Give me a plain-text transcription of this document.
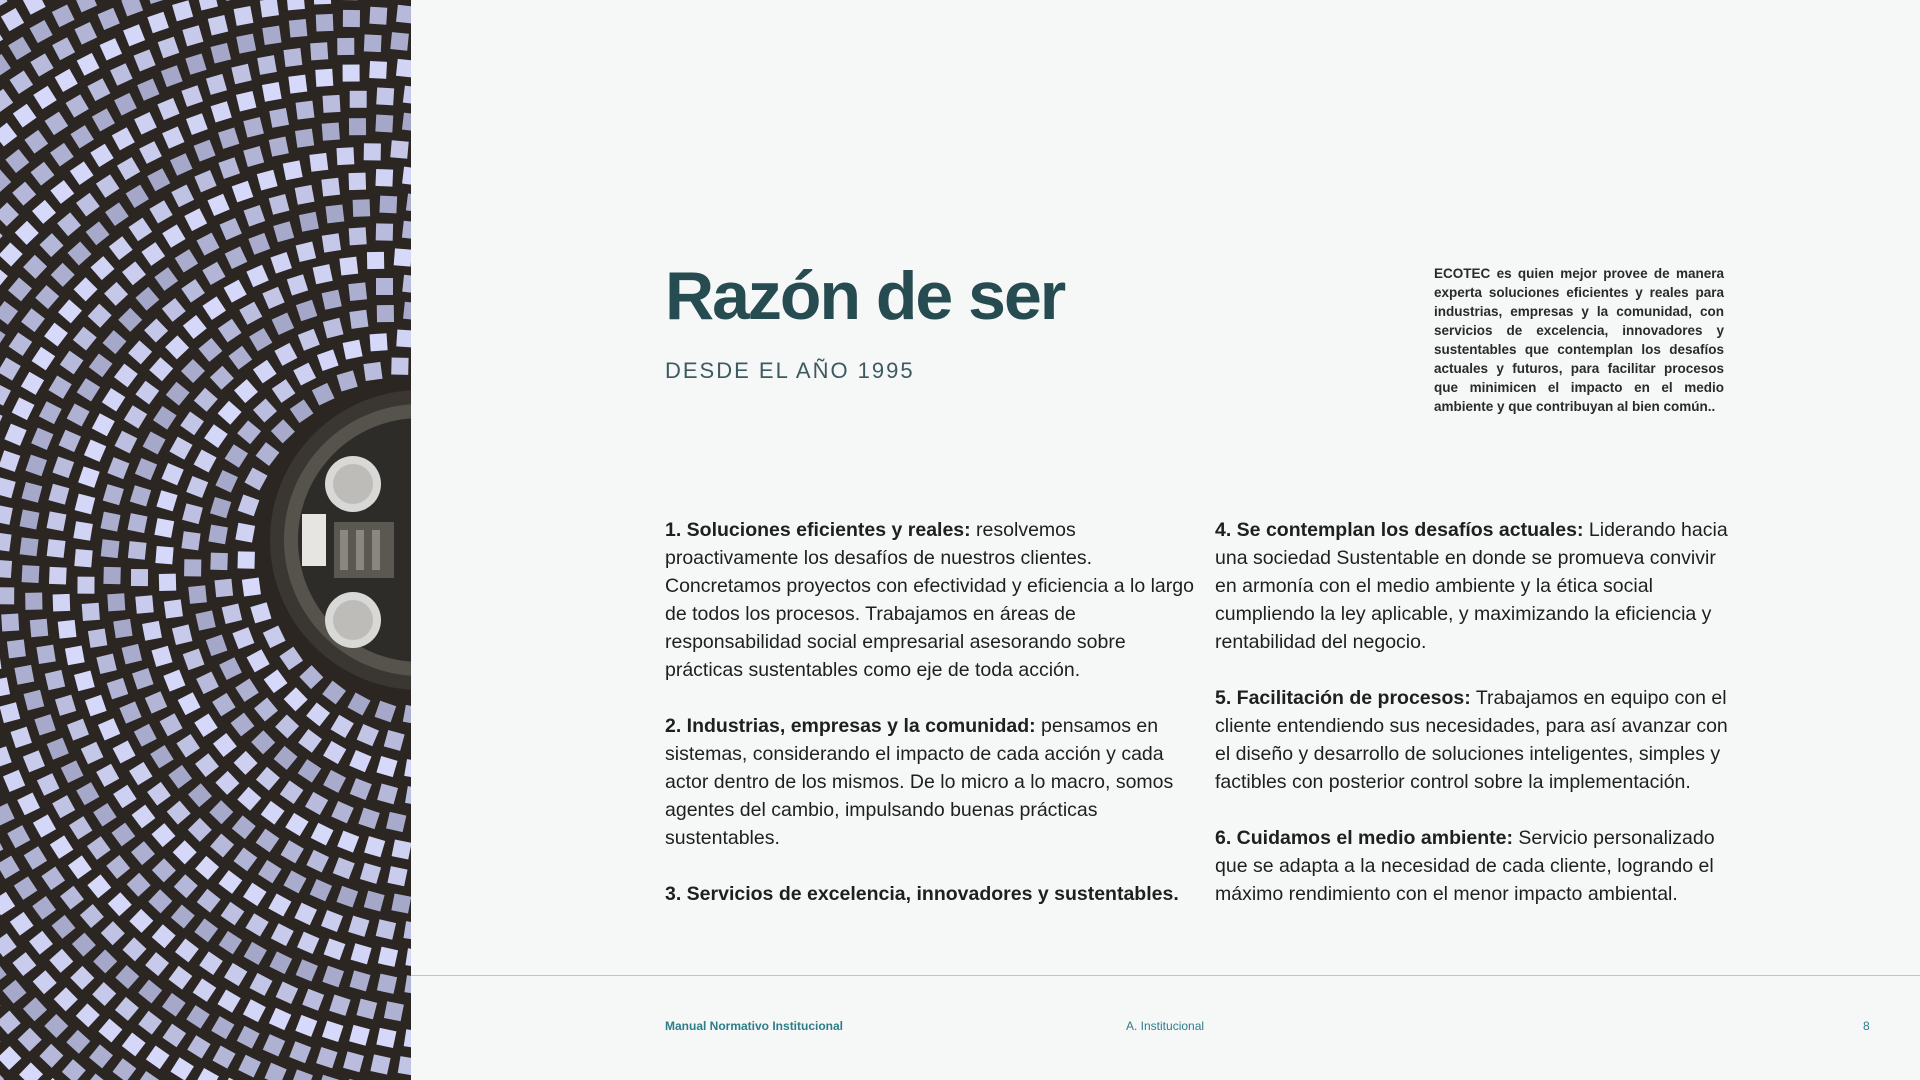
Razón de ser
DESDE EL AÑO 1995

ECOTEC es quien mejor provee de manera experta soluciones eficientes y reales para industrias, empresas y la comunidad, con servicios de excelencia, innovadores y sustentables que contemplan los desafíos actuales y futuros, para facilitar procesos que minimicen el impacto en el medio ambiente y que contribuyan al bien común..

1. Soluciones eficientes y reales: resolvemos proactivamente los desafíos de nuestros clientes. Concretamos proyectos con efectividad y eficiencia a lo largo de todos los procesos. Trabajamos en áreas de responsabilidad social empresarial asesorando sobre prácticas sustentables como eje de toda acción.

2. Industrias, empresas y la comunidad: pensamos en sistemas, considerando el impacto de cada acción y cada actor dentro de los mismos. De lo micro a lo macro, somos agentes del cambio, impulsando buenas prácticas sustentables.

3. Servicios de excelencia, innovadores y sustentables.

4. Se contemplan los desafíos actuales: Liderando hacia una sociedad Sustentable en donde se promueva convivir en armonía con el medio ambiente y la ética social cumpliendo la ley aplicable, y maximizando la eficiencia y rentabilidad del negocio.

5. Facilitación de procesos: Trabajamos en equipo con el cliente entendiendo sus necesidades, para así avanzar con el diseño y desarrollo de soluciones inteligentes, simples y factibles con posterior control sobre la implementación.

6. Cuidamos el medio ambiente: Servicio personalizado que se adapta a la necesidad de cada cliente, logrando el máximo rendimiento con el menor impacto ambiental.

Manual Normativo Institucional	A. Institucional	8
